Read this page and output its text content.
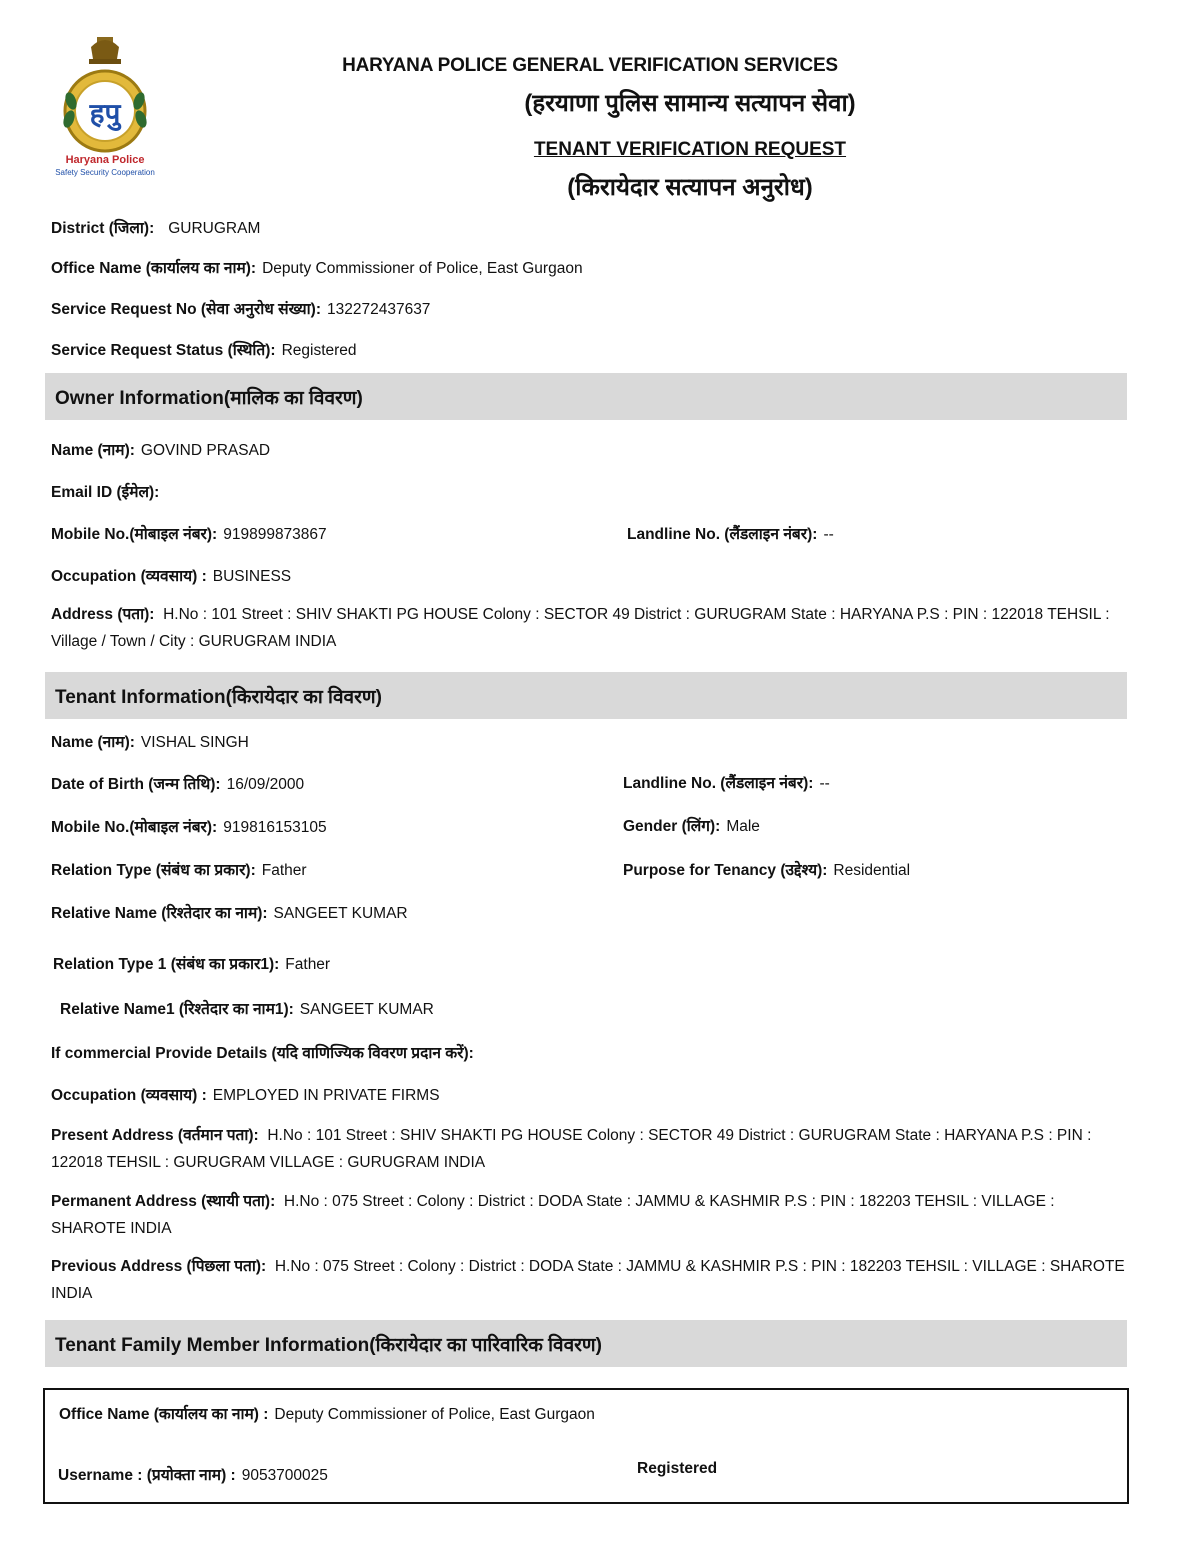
हपु
Haryana Police
Safety Security Cooperation
HARYANA POLICE GENERAL VERIFICATION SERVICES
(हरयाणा पुलिस सामान्य सत्यापन सेवा)
TENANT VERIFICATION REQUEST
(किरायेदार सत्यापन अनुरोध)
District (जिला): GURUGRAM
Office Name (कार्यालय का नाम): Deputy Commissioner of Police, East Gurgaon
Service Request No (सेवा अनुरोध संख्या): 132272437637
Service Request Status (स्थिति): Registered
Owner Information(मालिक का विवरण)
Name (नाम): GOVIND PRASAD
Email ID (ईमेल):
Mobile No.(मोबाइल नंबर): 919899873867	Landline No. (लैंडलाइन नंबर): --
Occupation (व्यवसाय) : BUSINESS
Address (पता): H.No : 101 Street : SHIV SHAKTI PG HOUSE Colony : SECTOR 49 District : GURUGRAM State : HARYANA P.S : PIN : 122018 TEHSIL : Village / Town / City : GURUGRAM INDIA
Tenant Information(किरायेदार का विवरण)
Name (नाम): VISHAL SINGH
Date of Birth (जन्म तिथि): 16/09/2000	Landline No. (लैंडलाइन नंबर): --
Mobile No.(मोबाइल नंबर): 919816153105	Gender (लिंग): Male
Relation Type (संबंध का प्रकार): Father	Purpose for Tenancy (उद्देश्य): Residential
Relative Name (रिश्तेदार का नाम): SANGEET KUMAR
Relation Type 1 (संबंध का प्रकार1): Father
Relative Name1 (रिश्तेदार का नाम1): SANGEET KUMAR
If commercial Provide Details (यदि वाणिज्यिक विवरण प्रदान करें):
Occupation (व्यवसाय) : EMPLOYED IN PRIVATE FIRMS
Present Address (वर्तमान पता): H.No : 101 Street : SHIV SHAKTI PG HOUSE Colony : SECTOR 49 District : GURUGRAM State : HARYANA P.S : PIN : 122018 TEHSIL : GURUGRAM VILLAGE : GURUGRAM INDIA
Permanent Address (स्थायी पता): H.No : 075 Street : Colony : District : DODA State : JAMMU & KASHMIR P.S : PIN : 182203 TEHSIL : VILLAGE : SHAROTE INDIA
Previous Address (पिछला पता): H.No : 075 Street : Colony : District : DODA State : JAMMU & KASHMIR P.S : PIN : 182203 TEHSIL : VILLAGE : SHAROTE INDIA
Tenant Family Member Information(किरायेदार का पारिवारिक विवरण)
Office Name (कार्यालय का नाम) : Deputy Commissioner of Police, East Gurgaon
Username : (प्रयोक्ता नाम) : 9053700025	Registered
